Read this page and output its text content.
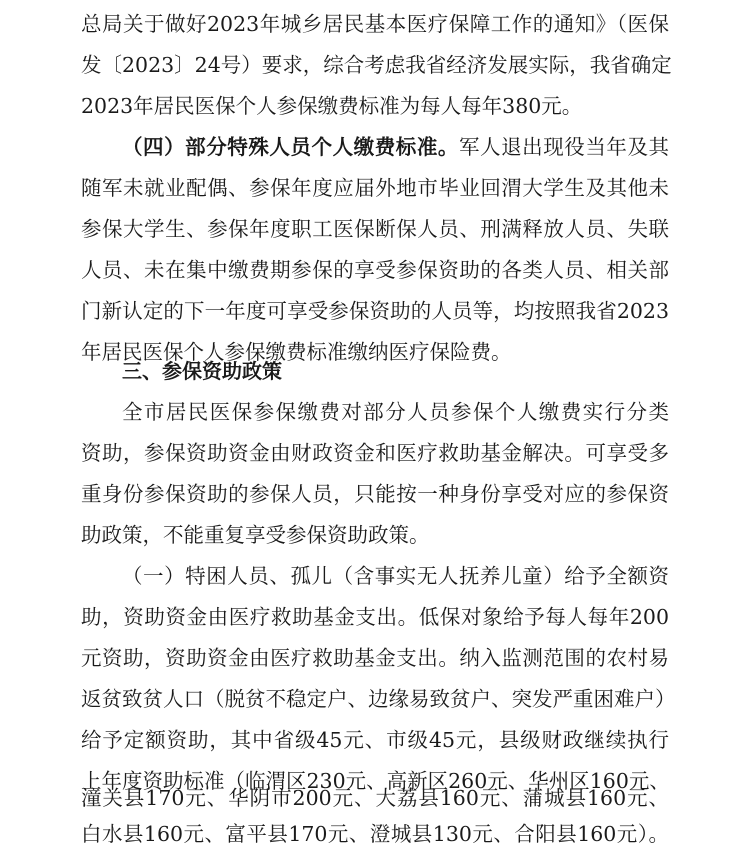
总局关于做好2023年城乡居民基本医疗保障工作的通知》（医保
发〔2023〕24号）要求，综合考虑我省经济发展实际，我省确定
2023年居民医保个人参保缴费标准为每人每年380元。
（四）部分特殊人员个人缴费标准。军人退出现役当年及其
随军未就业配偶、参保年度应届外地市毕业回渭大学生及其他未
参保大学生、参保年度职工医保断保人员、刑满释放人员、失联
人员、未在集中缴费期参保的享受参保资助的各类人员、相关部
门新认定的下一年度可享受参保资助的人员等，均按照我省2023
年居民医保个人参保缴费标准缴纳医疗保险费。
三、参保资助政策
全市居民医保参保缴费对部分人员参保个人缴费实行分类
资助，参保资助资金由财政资金和医疗救助基金解决。可享受多
重身份参保资助的参保人员，只能按一种身份享受对应的参保资
助政策，不能重复享受参保资助政策。
（一）特困人员、孤儿（含事实无人抚养儿童）给予全额资
助，资助资金由医疗救助基金支出。低保对象给予每人每年200
元资助，资助资金由医疗救助基金支出。纳入监测范围的农村易
返贫致贫人口（脱贫不稳定户、边缘易致贫户、突发严重困难户）
给予定额资助，其中省级45元、市级45元，县级财政继续执行
上年度资助标准（临渭区230元、高新区260元、华州区160元、
潼关县170元、华阴市200元、大荔县160元、蒲城县160元、
白水县160元、富平县170元、澄城县130元、合阳县160元）。
